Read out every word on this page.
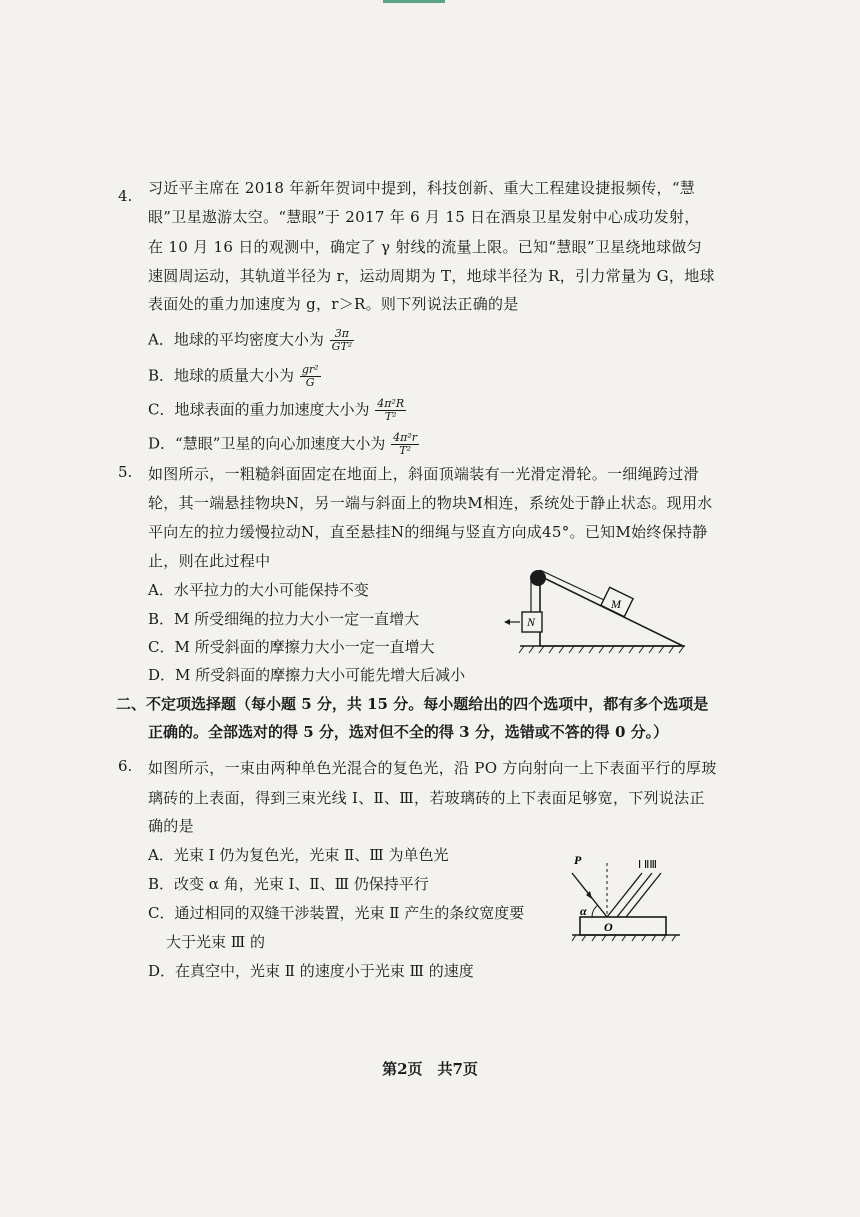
4.	习近平主席在 2018 年新年贺词中提到，科技创新、重大工程建设捷报频传，“慧
眼”卫星遨游太空。“慧眼”于 2017 年 6 月 15 日在酒泉卫星发射中心成功发射，
在 10 月 16 日的观测中，确定了 γ 射线的流量上限。已知“慧眼”卫星绕地球做匀
速圆周运动，其轨道半径为 r，运动周期为 T，地球半径为 R，引力常量为 G，地球
表面处的重力加速度为 g，r＞R。则下列说法正确的是
A．地球的平均密度大小为 $\frac{3\pi}{\text{GT²}}$
B．地球的质量大小为 $\frac{\text{gr²}}{G}$
C．地球表面的重力加速度大小为 $\frac{\text{4π²R}}{\text{T²}}$
D．“慧眼”卫星的向心加速度大小为 $\frac{\text{4π²r}}{\text{T²}}$
5.	如图所示，一粗糙斜面固定在地面上，斜面顶端装有一光滑定滑轮。一细绳跨过滑
轮，其一端悬挂物块N，另一端与斜面上的物块M相连，系统处于静止状态。现用水
平向左的拉力缓慢拉动N，直至悬挂N的细绳与竖直方向成45°。已知M始终保持静
止，则在此过程中
A．水平拉力的大小可能保持不变
B．M 所受细绳的拉力大小一定一直增大
C．M 所受斜面的摩擦力大小一定一直增大
D．M 所受斜面的摩擦力大小可能先增大后减小
M
N
二、不定项选择题（每小题 5 分，共 15 分。每小题给出的四个选项中，都有多个选项是
正确的。全部选对的得 5 分，选对但不全的得 3 分，选错或不答的得 0 分。）
6.	如图所示，一束由两种单色光混合的复色光，沿 PO 方向射向一上下表面平行的厚玻
璃砖的上表面，得到三束光线 Ⅰ、Ⅱ、Ⅲ，若玻璃砖的上下表面足够宽，下列说法正
确的是
A．光束 Ⅰ 仍为复色光，光束 Ⅱ、Ⅲ 为单色光
B．改变 α 角，光束 Ⅰ、Ⅱ、Ⅲ 仍保持平行
C．通过相同的双缝干涉装置，光束 Ⅱ 产生的条纹宽度要
大于光束 Ⅲ 的
D．在真空中，光束 Ⅱ 的速度小于光束 Ⅲ 的速度
P
α
O
Ⅰ ⅡⅢ
第2页　共7页
